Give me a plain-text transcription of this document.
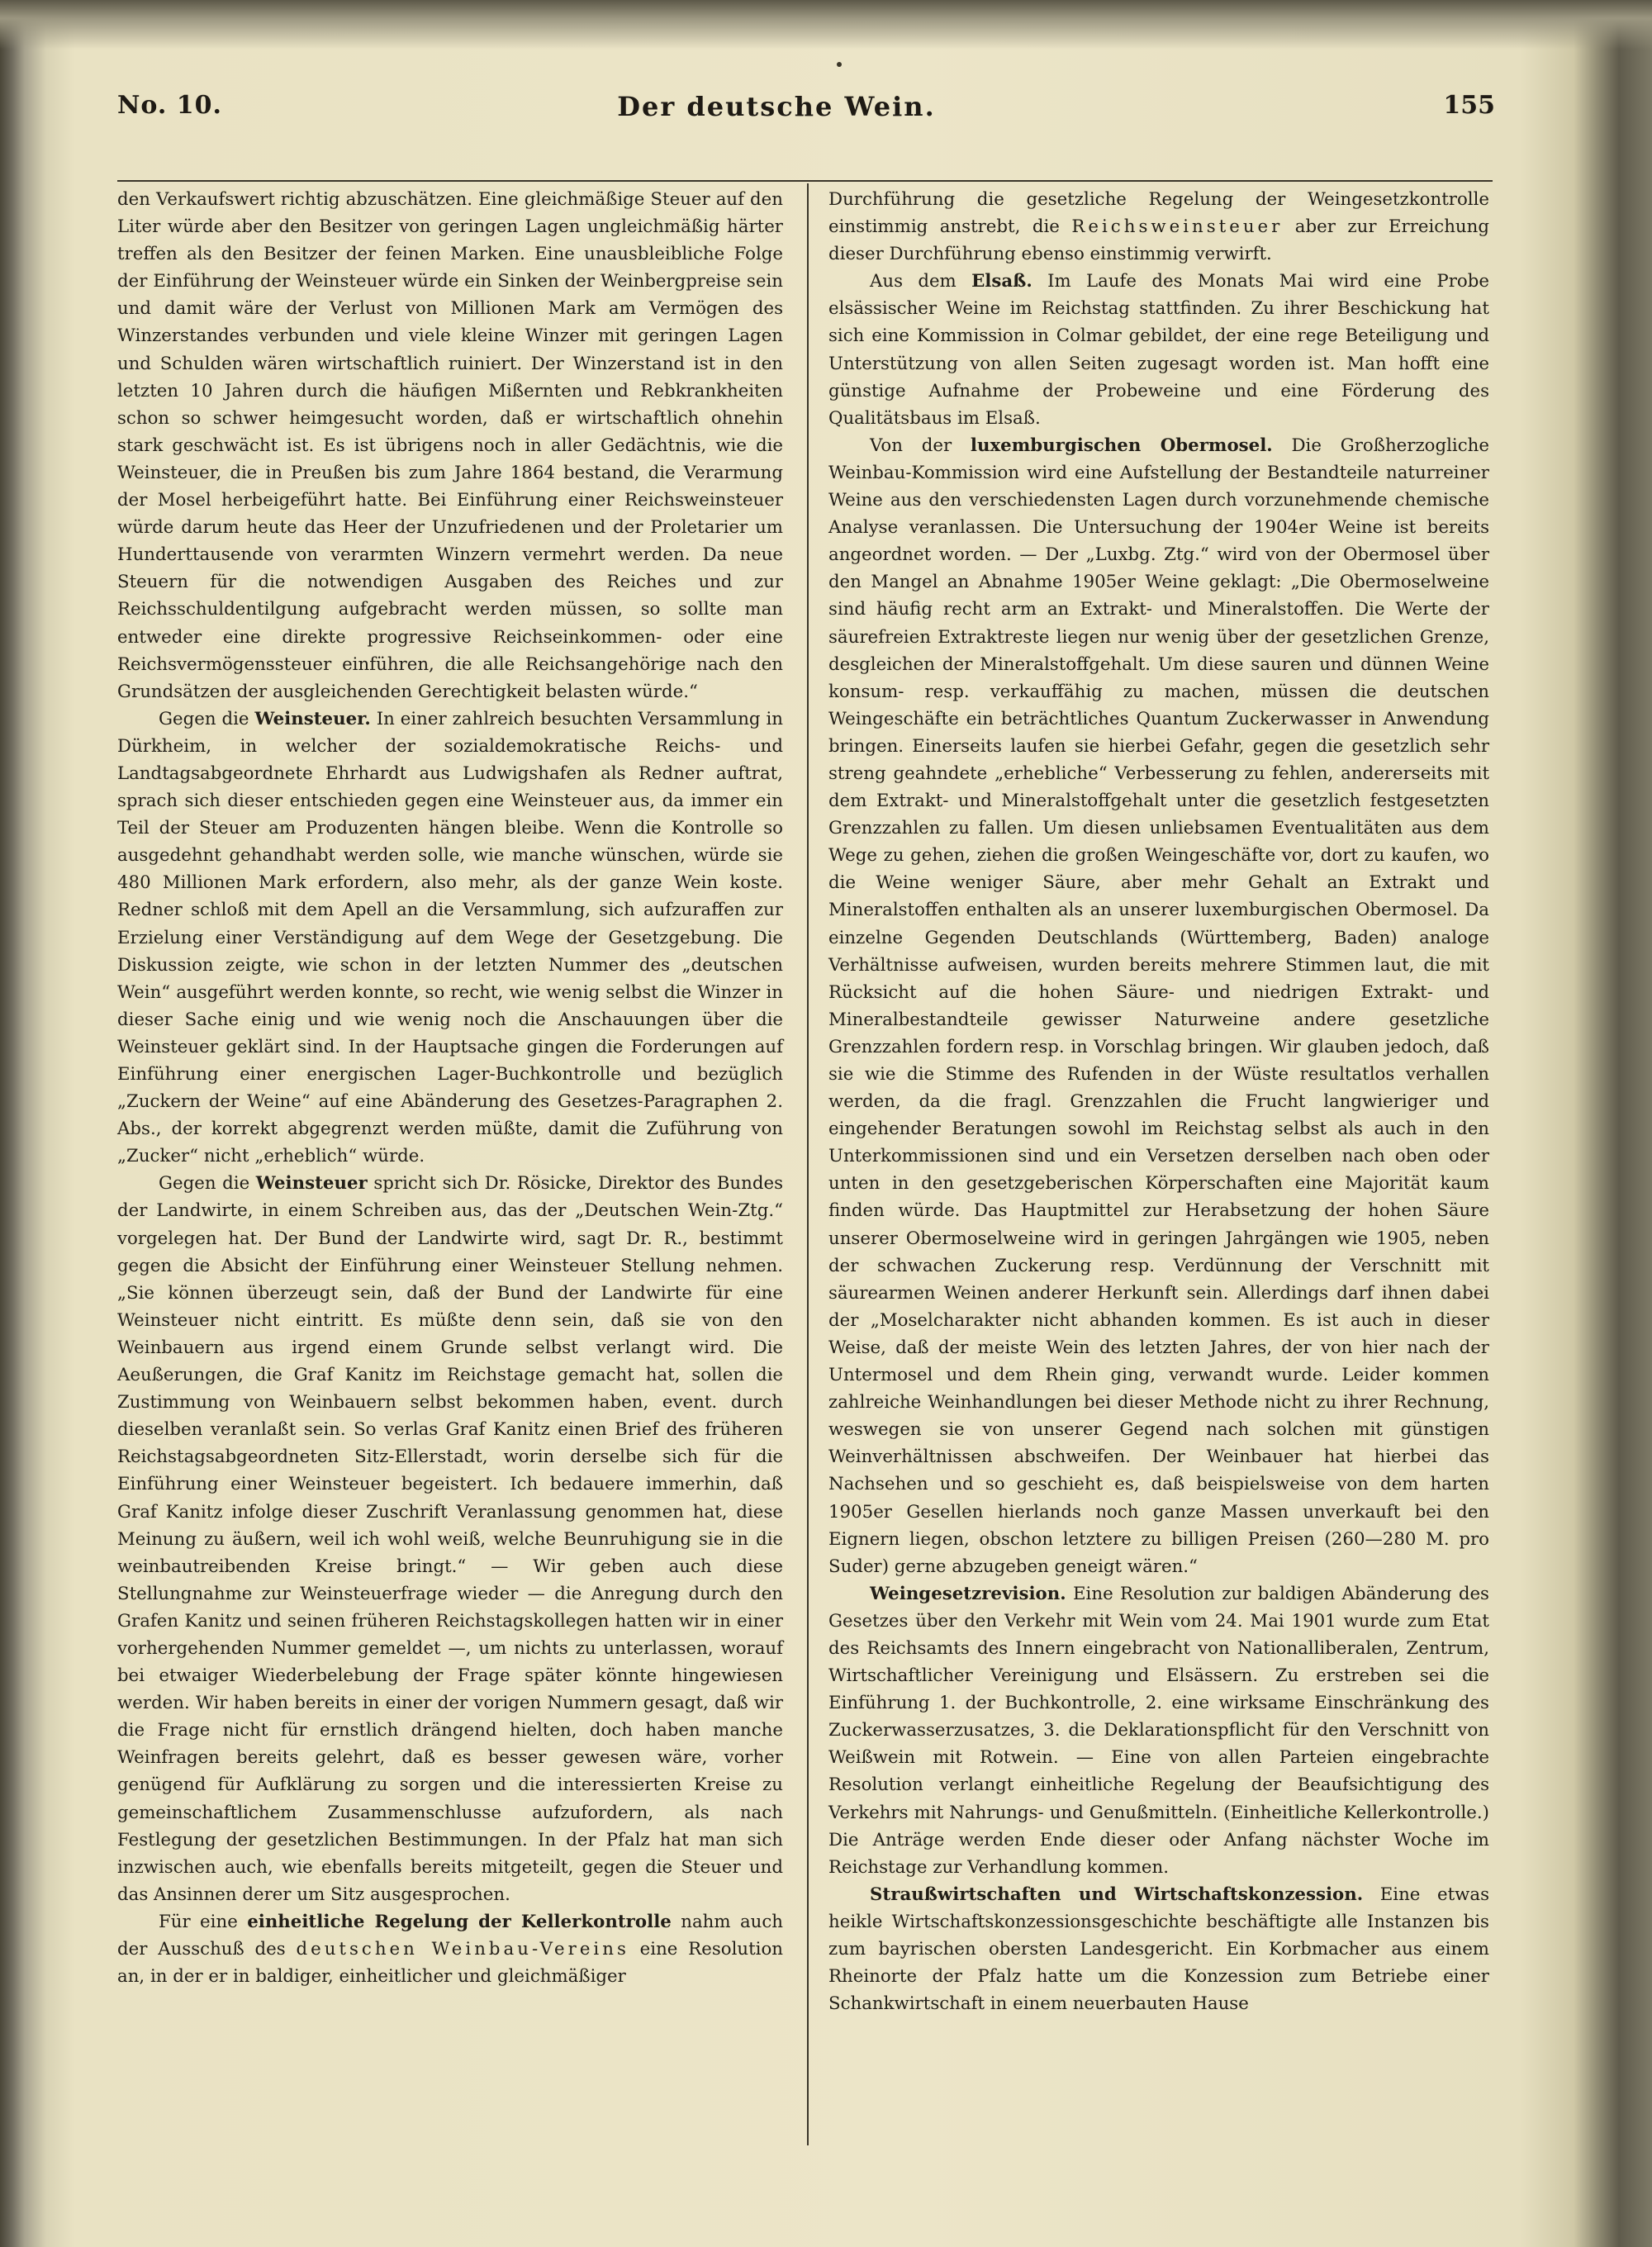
No. 10.	Der deutsche Wein.	155

den Verkaufswert richtig abzuschätzen. Eine gleichmäßige Steuer auf den Liter würde aber den Besitzer von geringen Lagen ungleichmäßig härter treffen als den Besitzer der feinen Marken. Eine unausbleibliche Folge der Einführung der Weinsteuer würde ein Sinken der Weinbergpreise sein und damit wäre der Verlust von Millionen Mark am Vermögen des Winzerstandes verbunden und viele kleine Winzer mit geringen Lagen und Schulden wären wirtschaftlich ruiniert. Der Winzerstand ist in den letzten 10 Jahren durch die häufigen Mißernten und Rebkrankheiten schon so schwer heimgesucht worden, daß er wirtschaftlich ohnehin stark geschwächt ist. Es ist übrigens noch in aller Gedächtnis, wie die Weinsteuer, die in Preußen bis zum Jahre 1864 bestand, die Verarmung der Mosel herbeigeführt hatte. Bei Einführung einer Reichsweinsteuer würde darum heute das Heer der Unzufriedenen und der Proletarier um Hunderttausende von verarmten Winzern vermehrt werden. Da neue Steuern für die notwendigen Ausgaben des Reiches und zur Reichsschuldentilgung aufgebracht werden müssen, so sollte man entweder eine direkte progressive Reichseinkommen- oder eine Reichsvermögenssteuer einführen, die alle Reichsangehörige nach den Grundsätzen der ausgleichenden Gerechtigkeit belasten würde.“

Gegen die Weinsteuer. In einer zahlreich besuchten Versammlung in Dürkheim, in welcher der sozialdemokratische Reichs- und Landtagsabgeordnete Ehrhardt aus Ludwigshafen als Redner auftrat, sprach sich dieser entschieden gegen eine Weinsteuer aus, da immer ein Teil der Steuer am Produzenten hängen bleibe. Wenn die Kontrolle so ausgedehnt gehandhabt werden solle, wie manche wünschen, würde sie 480 Millionen Mark erfordern, also mehr, als der ganze Wein koste. Redner schloß mit dem Apell an die Versammlung, sich aufzuraffen zur Erzielung einer Verständigung auf dem Wege der Gesetzgebung. Die Diskussion zeigte, wie schon in der letzten Nummer des „deutschen Wein“ ausgeführt werden konnte, so recht, wie wenig selbst die Winzer in dieser Sache einig und wie wenig noch die Anschauungen über die Weinsteuer geklärt sind. In der Hauptsache gingen die Forderungen auf Einführung einer energischen Lager-Buchkontrolle und bezüglich „Zuckern der Weine“ auf eine Abänderung des Gesetzes-Paragraphen 2. Abs., der korrekt abgegrenzt werden müßte, damit die Zuführung von „Zucker“ nicht „erheblich“ würde.

Gegen die Weinsteuer spricht sich Dr. Rösicke, Direktor des Bundes der Landwirte, in einem Schreiben aus, das der „Deutschen Wein-Ztg.“ vorgelegen hat. Der Bund der Landwirte wird, sagt Dr. R., bestimmt gegen die Absicht der Einführung einer Weinsteuer Stellung nehmen. „Sie können überzeugt sein, daß der Bund der Landwirte für eine Weinsteuer nicht eintritt. Es müßte denn sein, daß sie von den Weinbauern aus irgend einem Grunde selbst verlangt wird. Die Aeußerungen, die Graf Kanitz im Reichstage gemacht hat, sollen die Zustimmung von Weinbauern selbst bekommen haben, event. durch dieselben veranlaßt sein. So verlas Graf Kanitz einen Brief des früheren Reichstagsabgeordneten Sitz-Ellerstadt, worin derselbe sich für die Einführung einer Weinsteuer begeistert. Ich bedauere immerhin, daß Graf Kanitz infolge dieser Zuschrift Veranlassung genommen hat, diese Meinung zu äußern, weil ich wohl weiß, welche Beunruhigung sie in die weinbautreibenden Kreise bringt.“ — Wir geben auch diese Stellungnahme zur Weinsteuerfrage wieder — die Anregung durch den Grafen Kanitz und seinen früheren Reichstagskollegen hatten wir in einer vorhergehenden Nummer gemeldet —, um nichts zu unterlassen, worauf bei etwaiger Wiederbelebung der Frage später könnte hingewiesen werden. Wir haben bereits in einer der vorigen Nummern gesagt, daß wir die Frage nicht für ernstlich drängend hielten, doch haben manche Weinfragen bereits gelehrt, daß es besser gewesen wäre, vorher genügend für Aufklärung zu sorgen und die interessierten Kreise zu gemeinschaftlichem Zusammenschlusse aufzufordern, als nach Festlegung der gesetzlichen Bestimmungen. In der Pfalz hat man sich inzwischen auch, wie ebenfalls bereits mitgeteilt, gegen die Steuer und das Ansinnen derer um Sitz ausgesprochen.

Für eine einheitliche Regelung der Kellerkontrolle nahm auch der Ausschuß des deutschen Weinbau-Vereins eine Resolution an, in der er in baldiger, einheitlicher und gleichmäßiger

Durchführung die gesetzliche Regelung der Weingesetzkontrolle einstimmig anstrebt, die Reichsweinsteuer aber zur Erreichung dieser Durchführung ebenso einstimmig verwirft.

Aus dem Elsaß. Im Laufe des Monats Mai wird eine Probe elsässischer Weine im Reichstag stattfinden. Zu ihrer Beschickung hat sich eine Kommission in Colmar gebildet, der eine rege Beteiligung und Unterstützung von allen Seiten zugesagt worden ist. Man hofft eine günstige Aufnahme der Probeweine und eine Förderung des Qualitätsbaus im Elsaß.

Von der luxemburgischen Obermosel. Die Großherzogliche Weinbau-Kommission wird eine Aufstellung der Bestandteile naturreiner Weine aus den verschiedensten Lagen durch vorzunehmende chemische Analyse veranlassen. Die Untersuchung der 1904er Weine ist bereits angeordnet worden. — Der „Luxbg. Ztg.“ wird von der Obermosel über den Mangel an Abnahme 1905er Weine geklagt: „Die Obermoselweine sind häufig recht arm an Extrakt- und Mineralstoffen. Die Werte der säurefreien Extraktreste liegen nur wenig über der gesetzlichen Grenze, desgleichen der Mineralstoffgehalt. Um diese sauren und dünnen Weine konsum- resp. verkauffähig zu machen, müssen die deutschen Weingeschäfte ein beträchtliches Quantum Zuckerwasser in Anwendung bringen. Einerseits laufen sie hierbei Gefahr, gegen die gesetzlich sehr streng geahndete „erhebliche“ Verbesserung zu fehlen, andererseits mit dem Extrakt- und Mineralstoffgehalt unter die gesetzlich festgesetzten Grenzzahlen zu fallen. Um diesen unliebsamen Eventualitäten aus dem Wege zu gehen, ziehen die großen Weingeschäfte vor, dort zu kaufen, wo die Weine weniger Säure, aber mehr Gehalt an Extrakt und Mineralstoffen enthalten als an unserer luxemburgischen Obermosel. Da einzelne Gegenden Deutschlands (Württemberg, Baden) analoge Verhältnisse aufweisen, wurden bereits mehrere Stimmen laut, die mit Rücksicht auf die hohen Säure- und niedrigen Extrakt- und Mineralbestandteile gewisser Naturweine andere gesetzliche Grenzzahlen fordern resp. in Vorschlag bringen. Wir glauben jedoch, daß sie wie die Stimme des Rufenden in der Wüste resultatlos verhallen werden, da die fragl. Grenzzahlen die Frucht langwieriger und eingehender Beratungen sowohl im Reichstag selbst als auch in den Unterkommissionen sind und ein Versetzen derselben nach oben oder unten in den gesetzgeberischen Körperschaften eine Majorität kaum finden würde. Das Hauptmittel zur Herabsetzung der hohen Säure unserer Obermoselweine wird in geringen Jahrgängen wie 1905, neben der schwachen Zuckerung resp. Verdünnung der Verschnitt mit säurearmen Weinen anderer Herkunft sein. Allerdings darf ihnen dabei der „Moselcharakter nicht abhanden kommen. Es ist auch in dieser Weise, daß der meiste Wein des letzten Jahres, der von hier nach der Untermosel und dem Rhein ging, verwandt wurde. Leider kommen zahlreiche Weinhandlungen bei dieser Methode nicht zu ihrer Rechnung, weswegen sie von unserer Gegend nach solchen mit günstigen Weinverhältnissen abschweifen. Der Weinbauer hat hierbei das Nachsehen und so geschieht es, daß beispielsweise von dem harten 1905er Gesellen hierlands noch ganze Massen unverkauft bei den Eignern liegen, obschon letztere zu billigen Preisen (260—280 M. pro Suder) gerne abzugeben geneigt wären.“

Weingesetzrevision. Eine Resolution zur baldigen Abänderung des Gesetzes über den Verkehr mit Wein vom 24. Mai 1901 wurde zum Etat des Reichsamts des Innern eingebracht von Nationalliberalen, Zentrum, Wirtschaftlicher Vereinigung und Elsässern. Zu erstreben sei die Einführung 1. der Buchkontrolle, 2. eine wirksame Einschränkung des Zuckerwasserzusatzes, 3. die Deklarationspflicht für den Verschnitt von Weißwein mit Rotwein. — Eine von allen Parteien eingebrachte Resolution verlangt einheitliche Regelung der Beaufsichtigung des Verkehrs mit Nahrungs- und Genußmitteln. (Einheitliche Kellerkontrolle.) Die Anträge werden Ende dieser oder Anfang nächster Woche im Reichstage zur Verhandlung kommen.

Straußwirtschaften und Wirtschaftskonzession. Eine etwas heikle Wirtschaftskonzessionsgeschichte beschäftigte alle Instanzen bis zum bayrischen obersten Landesgericht. Ein Korbmacher aus einem Rheinorte der Pfalz hatte um die Konzession zum Betriebe einer Schankwirtschaft in einem neuerbauten Hause
